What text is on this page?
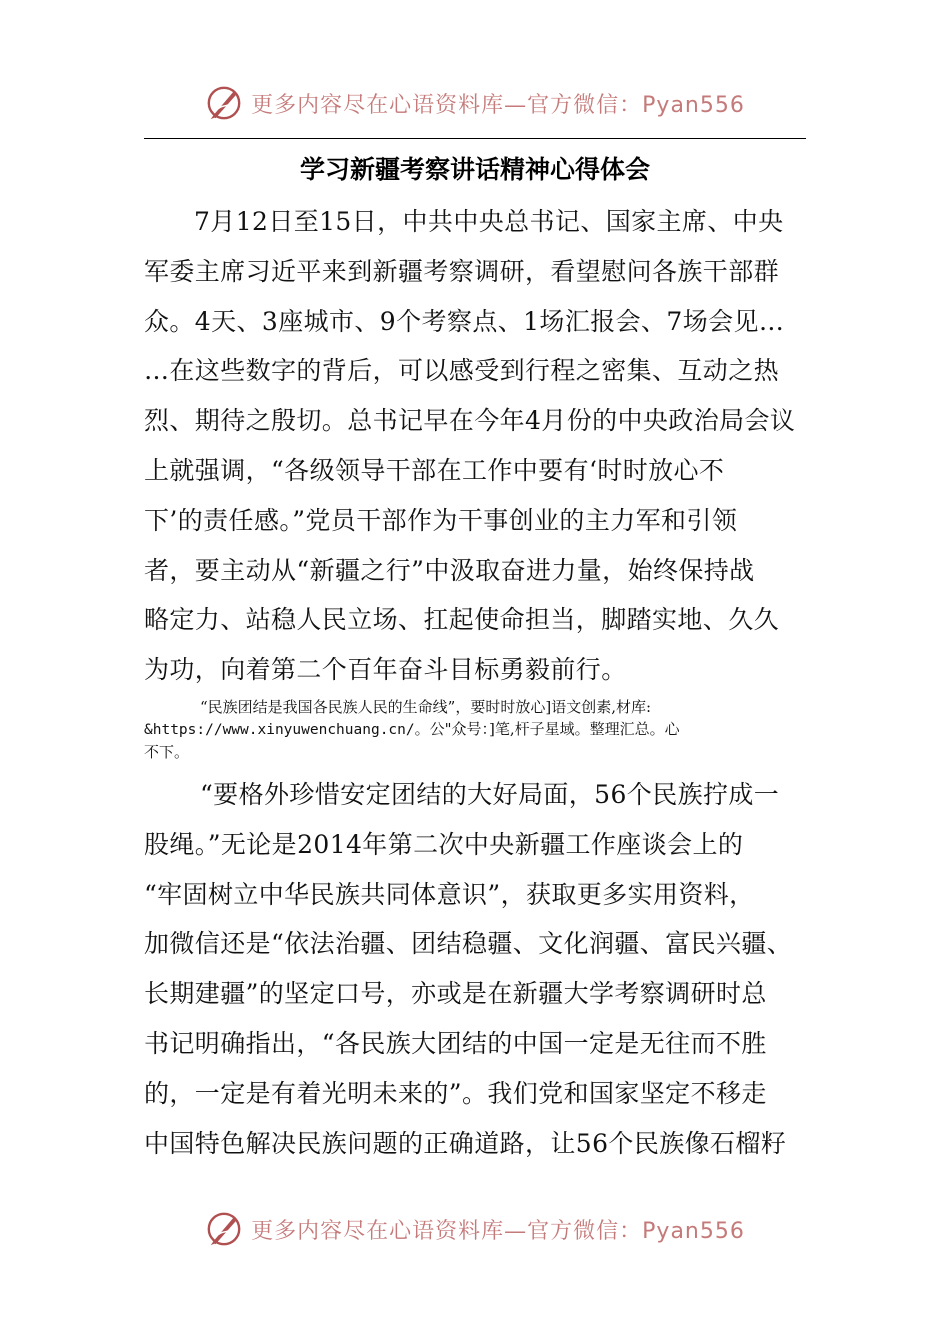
更多内容尽在心语资料库—官方微信：Pyan556
学习新疆考察讲话精神心得体会
7月12日至15日，中共中央总书记、国家主席、中央
军委主席习近平来到新疆考察调研，看望慰问各族干部群
众。4天、3座城市、9个考察点、1场汇报会、7场会见…
…在这些数字的背后，可以感受到行程之密集、互动之热
烈、期待之殷切。总书记早在今年4月份的中央政治局会议
上就强调，“各级领导干部在工作中要有‘时时放心不
下’的责任感。”党员干部作为干事创业的主力军和引领
者，要主动从“新疆之行”中汲取奋进力量，始终保持战
略定力、站稳人民立场、扛起使命担当，脚踏实地、久久
为功，向着第二个百年奋斗目标勇毅前行。
“民族团结是我国各民族人民的生命线”，要时时放心]语文创素,材库:
&https://www.xinyuwenchuang.cn/。公"众号：]笔,杆子星域。整理汇总。心
不下。
“要格外珍惜安定团结的大好局面，56个民族拧成一
股绳。”无论是2014年第二次中央新疆工作座谈会上的
“牢固树立中华民族共同体意识”，获取更多实用资料，
加微信还是“依法治疆、团结稳疆、文化润疆、富民兴疆、
长期建疆”的坚定口号，亦或是在新疆大学考察调研时总
书记明确指出，“各民族大团结的中国一定是无往而不胜
的，一定是有着光明未来的”。我们党和国家坚定不移走
中国特色解决民族问题的正确道路，让56个民族像石榴籽
更多内容尽在心语资料库—官方微信：Pyan556
